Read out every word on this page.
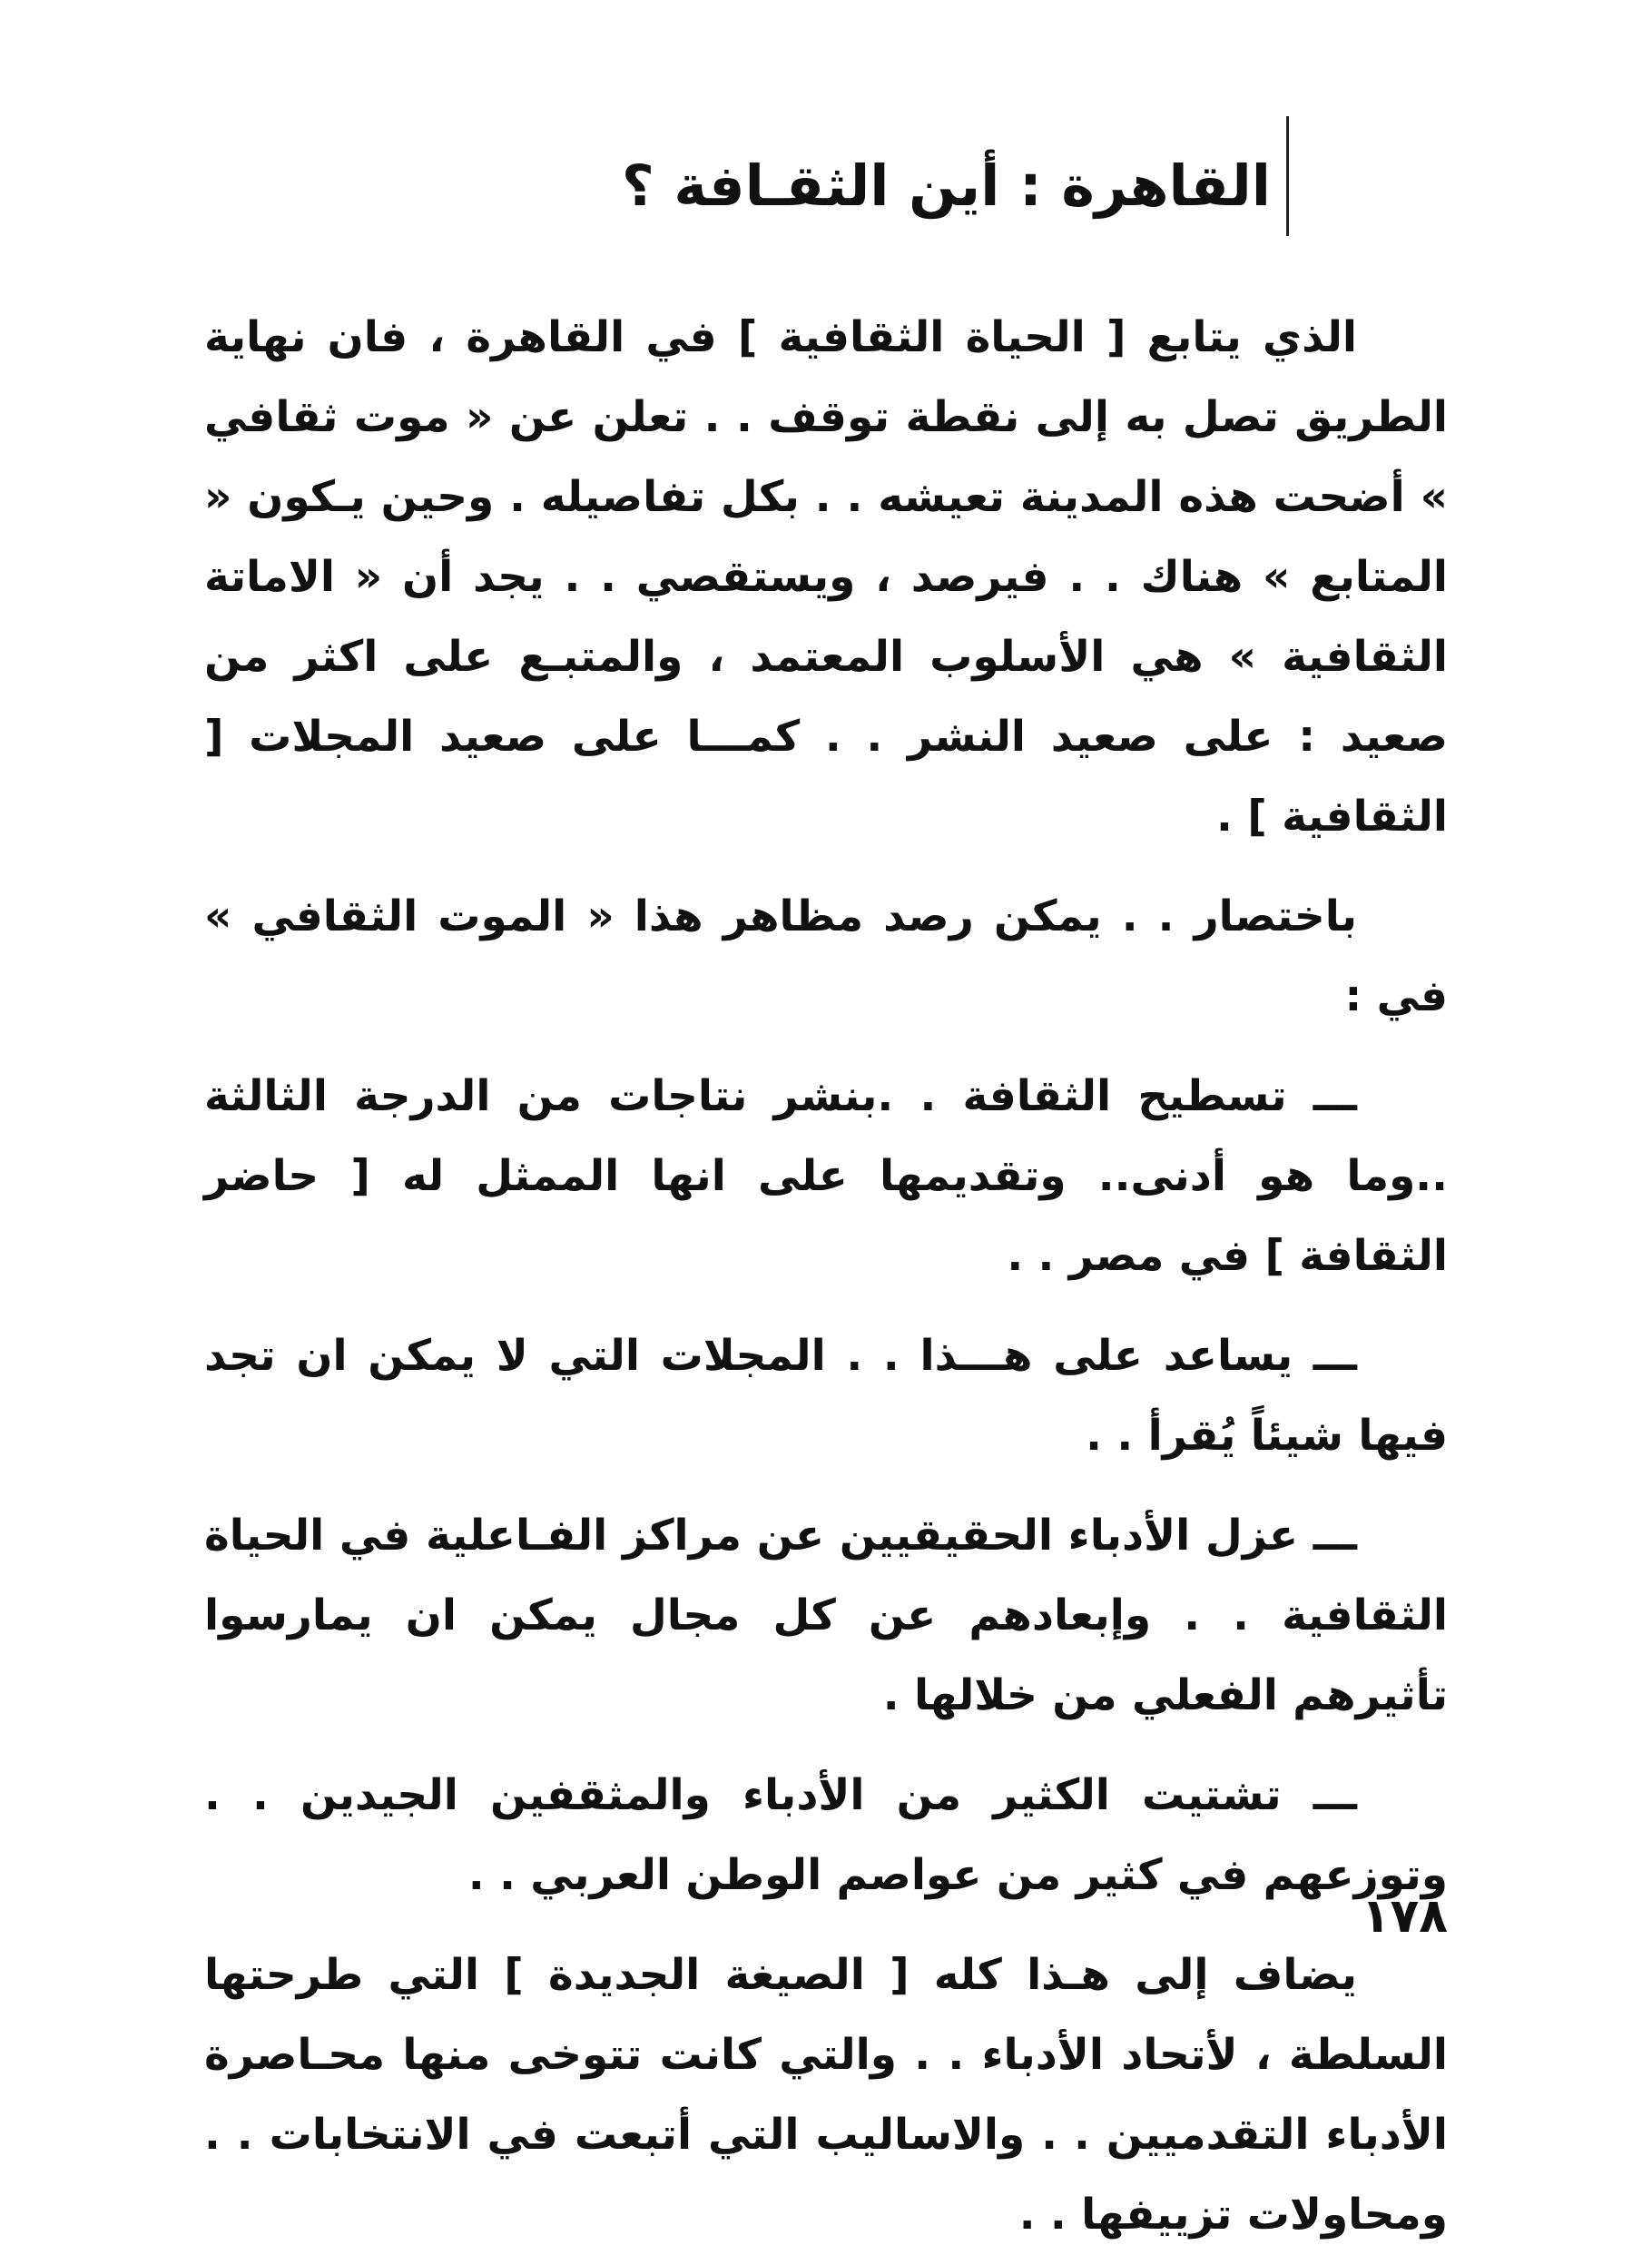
القاهرة : أين الثقـافة ؟

الذي يتابع [ الحياة الثقافية ] في القاهرة ، فان نهاية الطريق تصل به إلى نقطة توقف . . تعلن عن « موت ثقافي » أضحت هذه المدينة تعيشه . . بكل تفاصيله . وحين يـكون « المتابع » هناك . . فيرصد ، ويستقصي . . يجد أن « الاماتة الثقافية » هي الأسلوب المعتمد ، والمتبـع على اكثر من صعيد : على صعيد النشر . . كمـــا على صعيد المجلات [ الثقافية ] .

باختصار . . يمكن رصد مظاهر هذا « الموت الثقافي » في :

ـــ تسطيح الثقافة . .بنشر نتاجات من الدرجة الثالثة ..وما هو أدنى.. وتقديمها على انها الممثل له [ حاضر الثقافة ] في مصر . .

ـــ يساعد على هـــذا . . المجلات التي لا يمكن ان تجد فيها شيئاً يُقرأ . .

ـــ عزل الأدباء الحقيقيين عن مراكز الفـاعلية في الحياة الثقافية . . وإبعادهم عن كل مجال يمكن ان يمارسوا تأثيرهم الفعلي من خلالها .

ـــ تشتيت الكثير من الأدباء والمثقفين الجيدين . . وتوزعهم في كثير من عواصم الوطن العربي . .

يضاف إلى هـذا كله [ الصيغة الجديدة ] التي طرحتها السلطة ، لأتحاد الأدباء . . والتي كانت تتوخى منها محـاصرة الأدباء التقدميين . . والاساليب التي أتبعت في الانتخابات . . ومحاولات تزييفها . .

١٧٨
